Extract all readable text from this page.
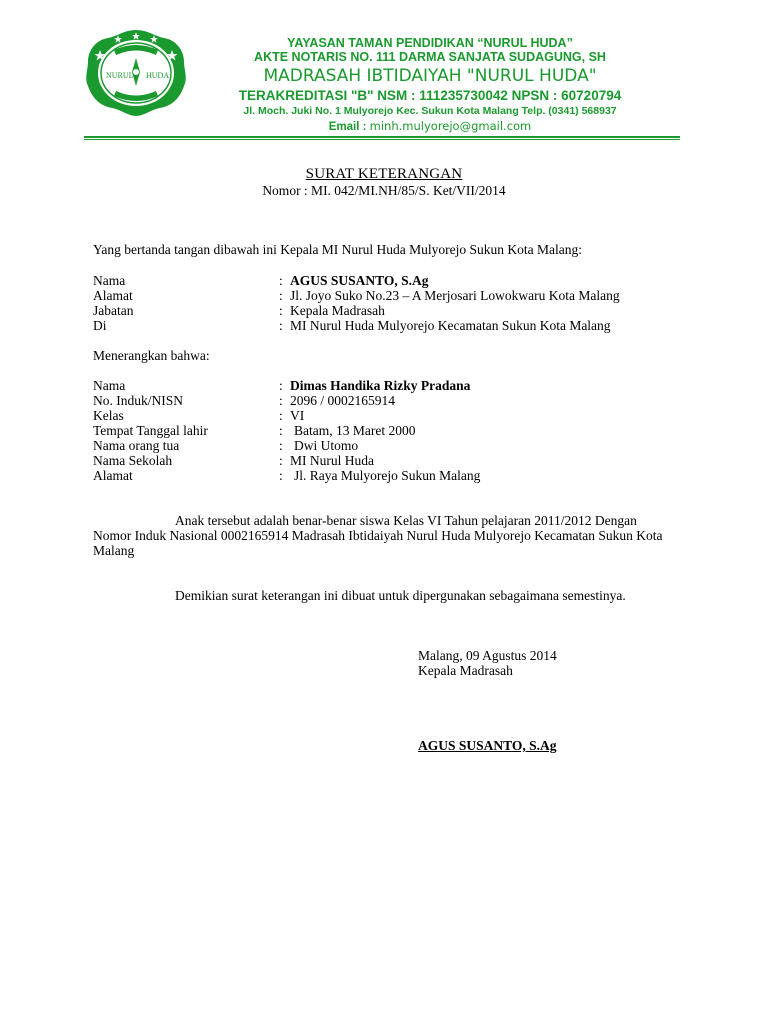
NURUL HUDA
YAYASAN TAMAN PENDIDIKAN “NURUL HUDA”
AKTE NOTARIS NO. 111 DARMA SANJATA SUDAGUNG, SH
MADRASAH IBTIDAIYAH "NURUL HUDA"
TERAKREDITASI "B" NSM : 111235730042 NPSN : 60720794
Jl. Moch. Juki No. 1 Mulyorejo Kec. Sukun Kota Malang Telp. (0341) 568937
Email : minh.mulyorejo@gmail.com
SURAT KETERANGAN
Nomor : MI. 042/MI.NH/85/S. Ket/VII/2014
Yang bertanda tangan dibawah ini Kepala MI Nurul Huda Mulyorejo Sukun Kota Malang:
Nama	: AGUS SUSANTO, S.Ag
Alamat	: Jl. Joyo Suko No.23 – A Merjosari Lowokwaru Kota Malang
Jabatan	: Kepala Madrasah
Di	: MI Nurul Huda Mulyorejo Kecamatan Sukun Kota Malang
Menerangkan bahwa:
Nama	: Dimas Handika Rizky Pradana
No. Induk/NISN	: 2096 / 0002165914
Kelas	: VI
Tempat Tanggal lahir	: Batam, 13 Maret 2000
Nama orang tua	: Dwi Utomo
Nama Sekolah	: MI Nurul Huda
Alamat	: Jl. Raya Mulyorejo Sukun Malang
Anak tersebut adalah benar-benar siswa Kelas VI Tahun pelajaran 2011/2012 Dengan Nomor Induk Nasional 0002165914 Madrasah Ibtidaiyah Nurul Huda Mulyorejo Kecamatan Sukun Kota Malang
Demikian surat keterangan ini dibuat untuk dipergunakan sebagaimana semestinya.
Malang, 09 Agustus 2014
Kepala Madrasah
AGUS SUSANTO, S.Ag
